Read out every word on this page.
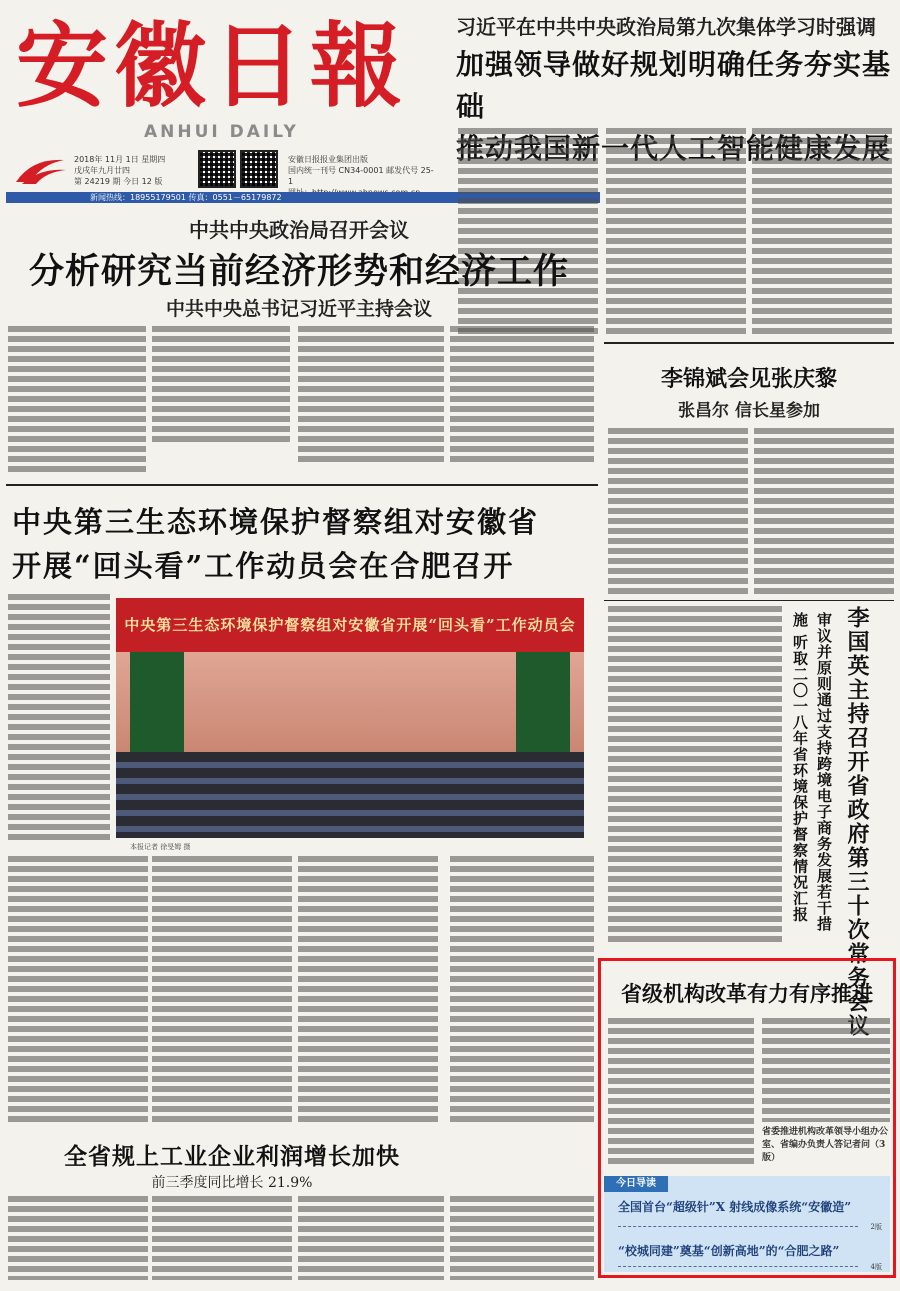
安徽日報
ANHUI DAILY
2018年 11月 1日 星期四
戊戌年九月廿四
第 24219 期 今日 12 版
安徽日报报业集团出版
国内统一刊号 CN34-0001 邮发代号 25-1
新闻热线：18955179501 传真：0551－65179872
习近平在中共中央政治局第九次集体学习时强调
加强领导做好规划明确任务夯实基础
推动我国新一代人工智能健康发展
中共中央政治局召开会议
分析研究当前经济形势和经济工作
中共中央总书记习近平主持会议
中央第三生态环境保护督察组对安徽省
开展“回头看”工作动员会在合肥召开
中央第三生态环境保护督察组对安徽省开展“回头看”工作动员会
本报记者 徐旻姆 摄
全省规上工业企业利润增长加快
前三季度同比增长 21.9%
李锦斌会见张庆黎
张昌尔 信长星参加
李国英主持召开省政府第三十次常务会议
审议并原则通过支持跨境电子商务发展若干措施 听取二〇一八年省环境保护督察情况汇报
省级机构改革有力有序推进
省委推进机构改革领导小组办公室、省编办负责人答记者问（3版）
今日导读
全国首台“超级针”X 射线成像系统“安徽造”
2版
“校城同建”奠基“创新高地”的“合肥之路”
4版
